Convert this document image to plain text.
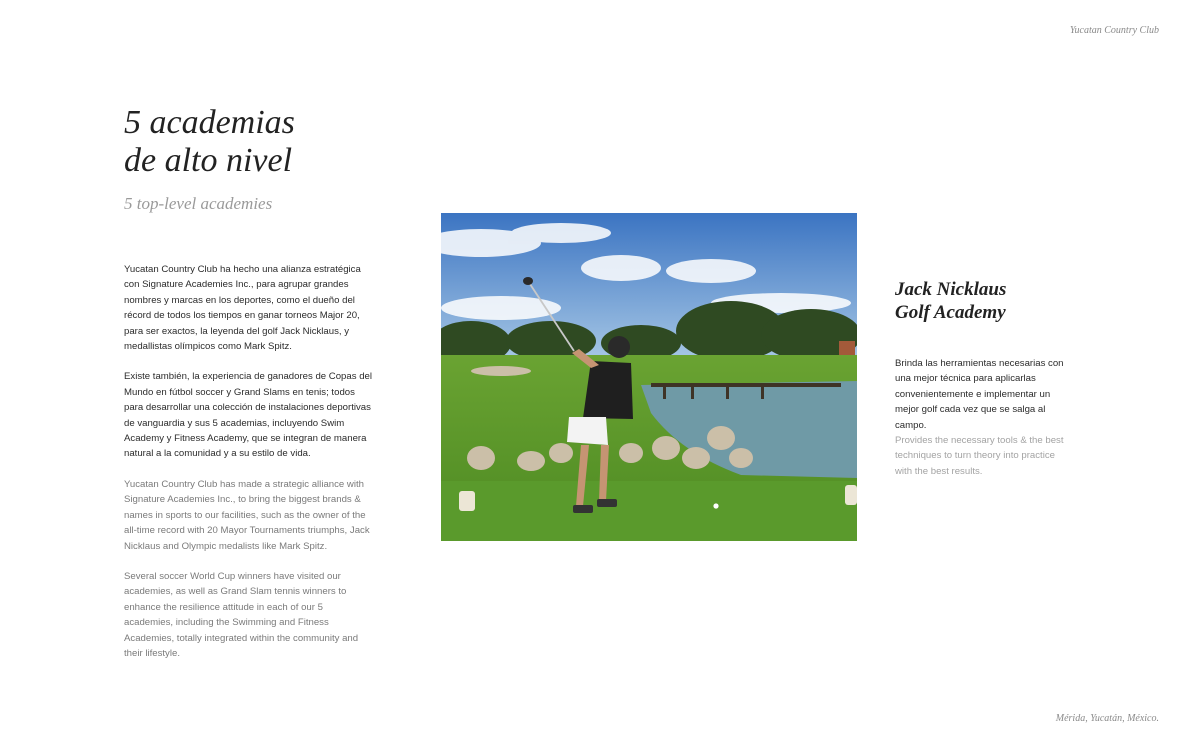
Yucatan Country Club
5 academias
de alto nivel
5 top-level academies

Yucatan Country Club ha hecho una alianza estratégica con Signature Academies Inc., para agrupar grandes nombres y marcas en los deportes, como el dueño del récord de todos los tiempos en ganar torneos Major 20, para ser exactos, la leyenda del golf Jack Nicklaus, y medallistas olímpicos como Mark Spitz.

Existe también, la experiencia de ganadores de Copas del Mundo en fútbol soccer y Grand Slams en tenis; todos para desarrollar una colección de instalaciones deportivas de vanguardia y sus 5 academias, incluyendo Swim Academy y Fitness Academy, que se integran de manera natural a la comunidad y a su estilo de vida.

Yucatan Country Club has made a strategic alliance with Signature Academies Inc., to bring the biggest brands & names in sports to our facilities, such as the owner of the all-time record with 20 Mayor Tournaments triumphs, Jack Nicklaus and Olympic medalists like Mark Spitz.

Several soccer World Cup winners have visited our academies, as well as Grand Slam tennis winners to enhance the resilience attitude in each of our 5 academies, including the Swimming and Fitness Academies, totally integrated within the community and their lifestyle.

Jack Nicklaus
Golf Academy

Brinda las herramientas necesarias con una mejor técnica para aplicarlas convenientemente e implementar un mejor golf cada vez que se salga al campo.

Provides the necessary tools & the best techniques to turn theory into practice with the best results.

Mérida, Yucatán, México.
